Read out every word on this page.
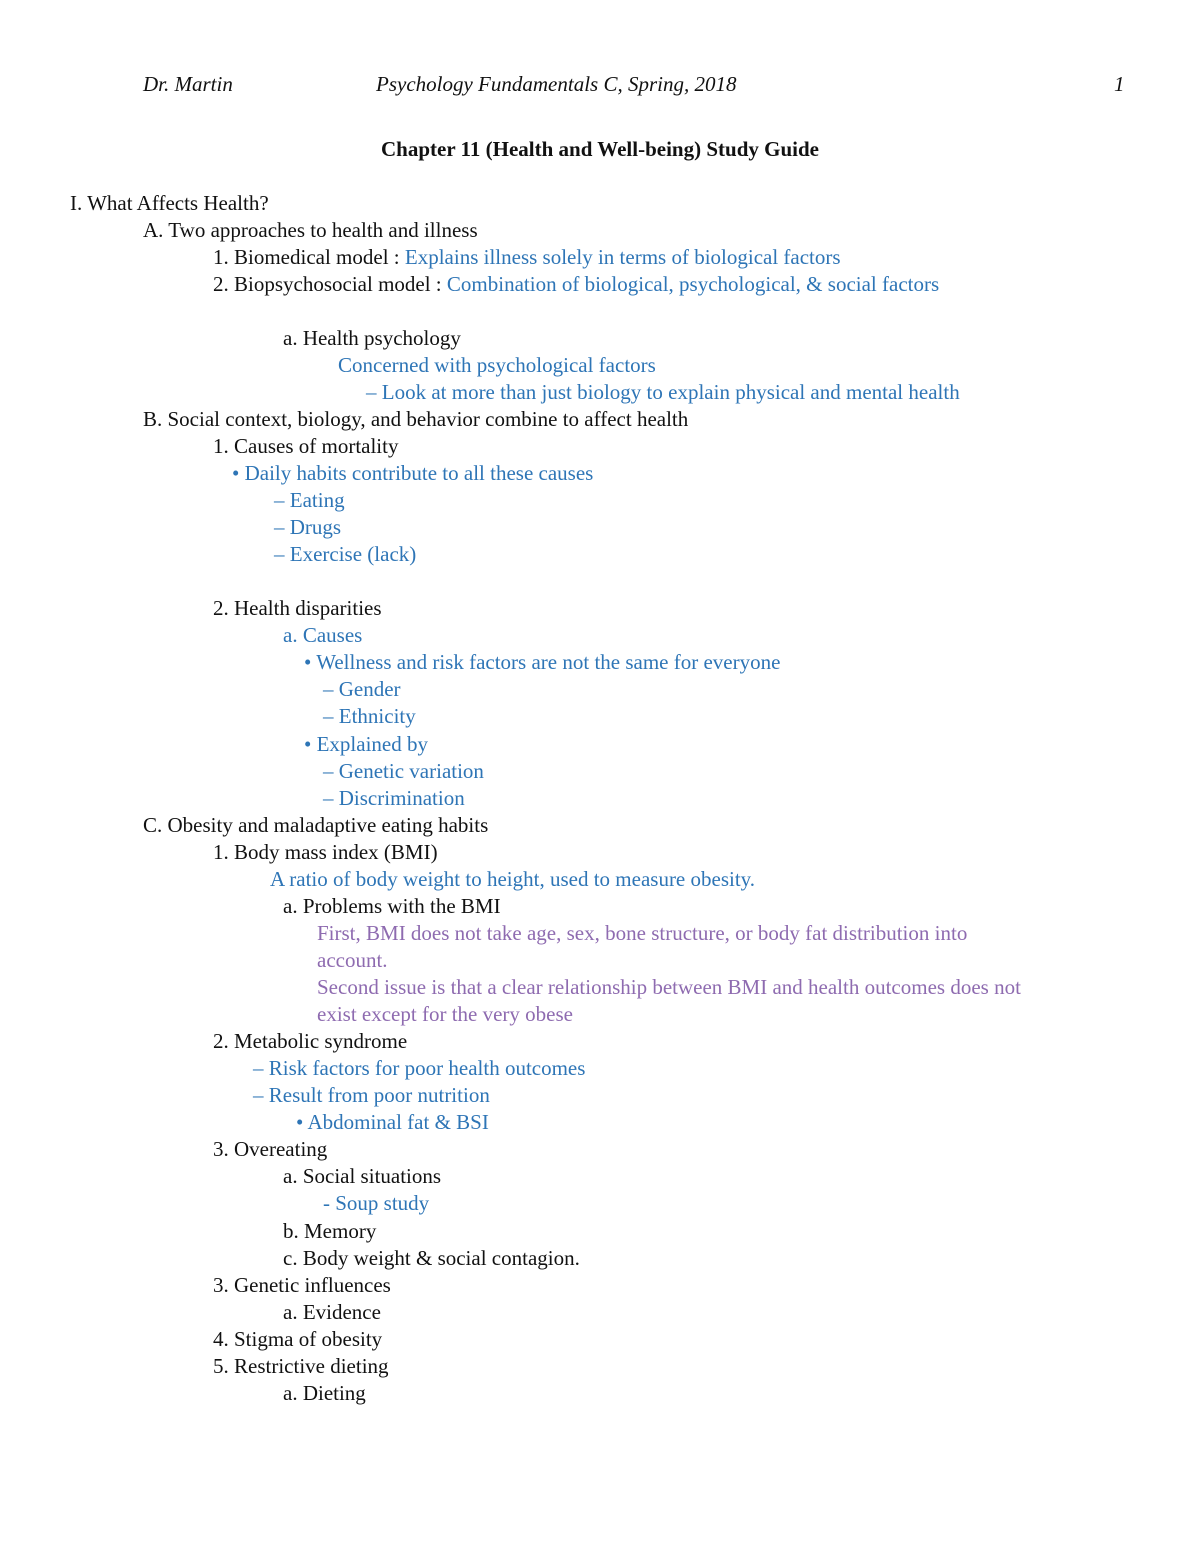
Dr. Martin	Psychology Fundamentals C, Spring, 2018	1
Chapter 11 (Health and Well-being) Study Guide
I. What Affects Health?
A. Two approaches to health and illness
1. Biomedical model : Explains illness solely in terms of biological factors
2. Biopsychosocial model : Combination of biological, psychological, & social factors
a. Health psychology
Concerned with psychological factors
– Look at more than just biology to explain physical and mental health
B. Social context, biology, and behavior combine to affect health
1. Causes of mortality
• Daily habits contribute to all these causes
– Eating
– Drugs
– Exercise (lack)
2. Health disparities
a. Causes
• Wellness and risk factors are not the same for everyone
– Gender
– Ethnicity
• Explained by
– Genetic variation
– Discrimination
C. Obesity and maladaptive eating habits
1. Body mass index (BMI)
A ratio of body weight to height, used to measure obesity.
a. Problems with the BMI
First, BMI does not take age, sex, bone structure, or body fat distribution into
account.
Second issue is that a clear relationship between BMI and health outcomes does not
exist except for the very obese
2. Metabolic syndrome
– Risk factors for poor health outcomes
– Result from poor nutrition
• Abdominal fat & BSI
3. Overeating
a. Social situations
- Soup study
b. Memory
c. Body weight & social contagion.
3. Genetic influences
a. Evidence
4. Stigma of obesity
5. Restrictive dieting
a. Dieting
